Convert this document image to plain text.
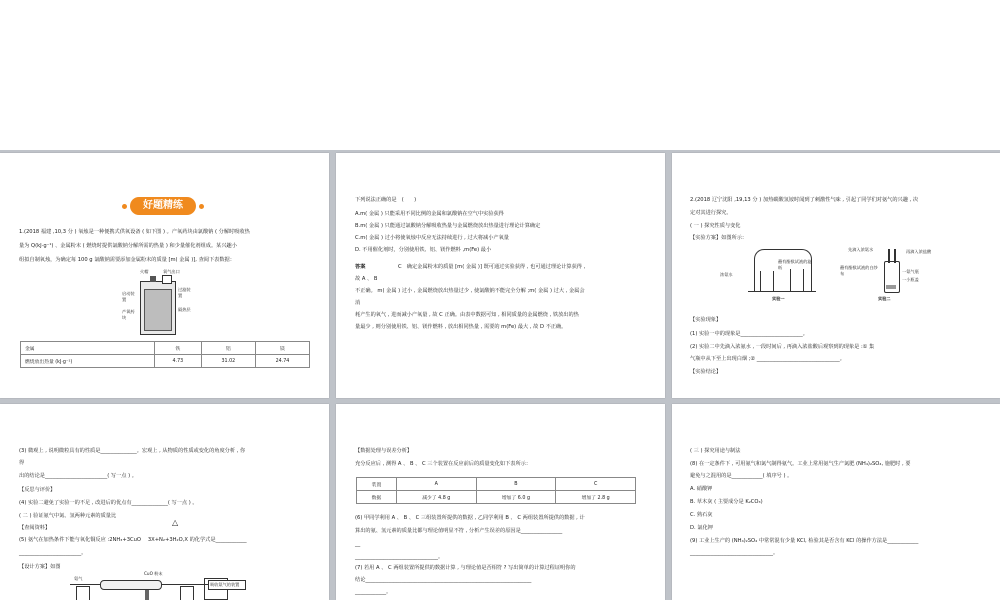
好题精练
1.(2018 福建 ,10,3 分 ) 氧烛是一种便携式供氧设备 ( 如下图 ) 。产氧药块由氯酸钠 ( 分解时吸收热
量为 Q(kJ·g⁻¹) 、金属粉末 ( 燃烧时提供氯酸钠分解所需的热量 ) 和少量催化剂组成。某兴趣小
组拟自制氧烛，为确定每 100 g 氯酸钠需要添加金属粉末的质量 [m( 金属 )], 查阅下表数据：
火帽	氧气出口
启动装置
产氧药块
过滤装置
隔热层
金属	铁	铝	镁
燃烧放出热量 (kJ·g⁻¹)	4.73	31.02	24.74
下列说法正确的是　(　　)
A.m( 金属 ) 只能采用不同比例的金属和氯酸钠在空气中实验获得
B.m( 金属 ) 只能通过氯酸钠分解吸收热量与金属燃烧放出热量进行理论计算确定
C.m( 金属 ) 过小将使氧烛中反应无法持续进行 , 过大将减小产氧量
D. 不用催化剂时，分别使用铁、铝、镁作燃料 ,m(Fe) 最小
答案	C　确定金属粉末的质量 [m( 金属 )] 既可通过实验获得 , 也可通过理论计算获得 ,
故 A 、 B
不正确。 m( 金属 ) 过小 , 金属燃烧放出热量过少 , 使氯酸钠不能完全分解 ;m( 金属 ) 过大 , 金属会
消
耗产生的氧气 , 进而减小产氧量 , 故 C 正确。由表中数据可知 , 相同质量的金属燃烧 , 铁放出的热
量最少 , 则分别使用铁、铝、镁作燃料 , 放出相同热量 , 需要的 m(Fe) 最大 , 故 D 不正确。
2.(2018 辽宁沈阳 ,19,13 分 ) 加热碳酸氢铵时闻到了刺激性气味 , 引起了同学们对氨气的兴趣 , 决
定对其进行探究。
( 一 ) 探究性质与变化
【实验方案】如图所示：
浓氨水
蘸有酚酞试液的滤纸
实验一
先滴入浓氨水	再滴入浓盐酸
蘸有酚酞试液的白纱布	一氨气瓶
一小瓶盖
实验二
【实验现象】
(1) 实验一中的现象是________________________。
(2) 实验二中先滴入浓氨水 , 一段时间后 , 再滴入浓盐酸后观察到的现象是 :① 集
气瓶中从下至上出现白烟 ;② ________________________________。
【实验结论】
(3) 微观上 , 说明微粒具有的性质是______________。宏观上 , 从物质的性质或变化的角度分析 , 你
得
出的结论是________________________( 写一点 ) 。
【反思与评价】
(4) 实验二避免了实验一的不足 , 改进后的优点有______________( 写一点 ) 。
( 二 ) 验证氨气中氮、氢两种元素的质量比
【查阅资料】
△
(5) 氨气在加热条件下能与氧化铜反应 :2NH₃+3CuO　 3X+N₂+3H₂O,X 的化学式是____________
________________________。
【设计方案】如图
氨气
CuO 粉末
吸收氨气的装置
【数据处理与误差分析】
充分反应后 , 测得 A 、 B 、 C 三个装置在反应前后的质量变化如下表所示：
装置	A	B	C
数据	减少了 4.8 g	增加了 6.0 g	增加了 2.8 g
(6) 甲同学利用 A 、 B 、 C 三组装置所提供的数据 , 乙同学利用 B 、 C 两组装置所提供的数据 , 计
算出的氨、氢元素的质量比都与理论值明显不符 , 分析产生误差的原因是________________
__
________________________________。
(7) 若用 A 、 C 两组装置所提供的数据计算 , 与理论值是否相符 ? 写出简单的计算过程证明你的
结论________________________________________________________________
____________。
( 三 ) 探究用途与制法
(8) 在一定条件下 , 可用氨气和氮气制得氨气。工业上常用氨气生产氮肥 (NH₄)₂SO₄, 施肥时 , 要
避免与之混用的是____________( 填序号 ) 。
A. 硝酸钾
B. 草木灰 ( 主要成分是 K₂CO₃)
C. 熟石灰
D. 氯化钾
(9) 工业上生产的 (NH₄)₂SO₄ 中常常混有少量 KCl, 检验其是否含有 KCl 的操作方法是____________
________________________________。
